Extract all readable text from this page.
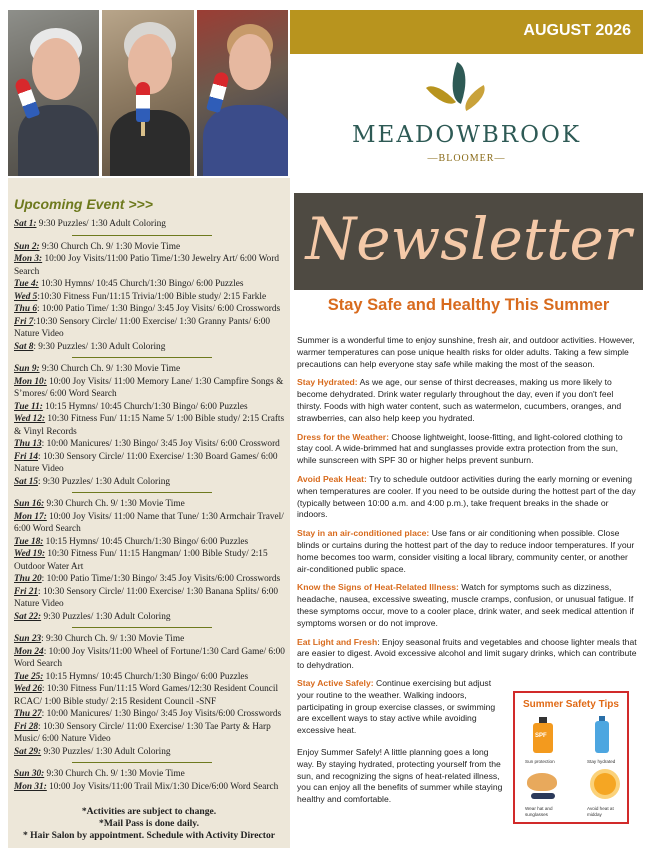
AUGUST 2026
MEADOWBROOK
—BLOOMER—
Upcoming Event >>>
Sat 1: 9:30 Puzzles/ 1:30 Adult Coloring
Sun 2: 9:30 Church Ch. 9/ 1:30 Movie Time
Mon 3: 10:00 Joy Visits/11:00 Patio Time/1:30 Jewelry Art/ 6:00 Word Search
Tue 4: 10:30 Hymns/ 10:45 Church/1:30 Bingo/ 6:00 Puzzles
Wed 5:10:30 Fitness Fun/11:15 Trivia/1:00 Bible study/ 2:15 Farkle
Thu 6: 10:00 Patio Time/ 1:30 Bingo/ 3:45 Joy Visits/ 6:00 Crosswords
Fri 7:10:30 Sensory Circle/ 11:00 Exercise/ 1:30 Granny Pants/ 6:00 Nature Video
Sat 8: 9:30 Puzzles/ 1:30 Adult Coloring
Sun 9: 9:30 Church Ch. 9/ 1:30 Movie Time
Mon 10: 10:00 Joy Visits/ 11:00 Memory Lane/ 1:30 Campfire Songs & S’mores/ 6:00 Word Search
Tue 11: 10:15 Hymns/ 10:45 Church/1:30 Bingo/ 6:00 Puzzles
Wed 12: 10:30 Fitness Fun/ 11:15 Name 5/ 1:00 Bible study/ 2:15 Crafts & Vinyl Records
Thu 13: 10:00 Manicures/ 1:30 Bingo/ 3:45 Joy Visits/ 6:00 Crossword
Fri 14: 10:30 Sensory Circle/ 11:00 Exercise/ 1:30 Board Games/ 6:00 Nature Video
Sat 15: 9:30 Puzzles/ 1:30 Adult Coloring
Sun 16: 9:30 Church Ch. 9/ 1:30 Movie Time
Mon 17: 10:00 Joy Visits/ 11:00 Name that Tune/ 1:30 Armchair Travel/ 6:00 Word Search
Tue 18: 10:15 Hymns/ 10:45 Church/1:30 Bingo/ 6:00 Puzzles
Wed 19: 10:30 Fitness Fun/ 11:15 Hangman/ 1:00 Bible Study/ 2:15 Outdoor Water Art
Thu 20: 10:00 Patio Time/1:30 Bingo/ 3:45 Joy Visits/6:00 Crosswords
Fri 21: 10:30 Sensory Circle/ 11:00 Exercise/ 1:30 Banana Splits/ 6:00 Nature Video
Sat 22: 9:30 Puzzles/ 1:30 Adult Coloring
Sun 23: 9:30 Church Ch. 9/ 1:30 Movie Time
Mon 24: 10:00 Joy Visits/11:00 Wheel of Fortune/1:30 Card Game/ 6:00 Word Search
Tue 25: 10:15 Hymns/ 10:45 Church/1:30 Bingo/ 6:00 Puzzles
Wed 26: 10:30 Fitness Fun/11:15 Word Games/12:30 Resident Council RCAC/ 1:00 Bible study/ 2:15 Resident Council -SNF
Thu 27: 10:00 Manicures/ 1:30 Bingo/ 3:45 Joy Visits/6:00 Crosswords
Fri 28: 10:30 Sensory Circle/ 11:00 Exercise/ 1:30 Tae Party & Harp Music/ 6:00 Nature Video
Sat 29: 9:30 Puzzles/ 1:30 Adult Coloring
Sun 30: 9:30 Church Ch. 9/ 1:30 Movie Time
Mon 31: 10:00 Joy Visits/11:00 Trail Mix/1:30 Dice/6:00 Word Search
*Activities are subject to change.
*Mail Pass is done daily.
* Hair Salon by appointment. Schedule with Activity Director
Newsletter
Stay Safe and Healthy This Summer

Summer is a wonderful time to enjoy sunshine, fresh air, and outdoor activities. However, warmer temperatures can pose unique health risks for older adults. Taking a few simple precautions can help everyone stay safe while making the most of the season.

Stay Hydrated: As we age, our sense of thirst decreases, making us more likely to become dehydrated. Drink water regularly throughout the day, even if you don't feel thirsty. Foods with high water content, such as watermelon, cucumbers, oranges, and strawberries, can also help keep you hydrated.

Dress for the Weather: Choose lightweight, loose-fitting, and light-colored clothing to stay cool. A wide-brimmed hat and sunglasses provide extra protection from the sun, while sunscreen with SPF 30 or higher helps prevent sunburn.

Avoid Peak Heat: Try to schedule outdoor activities during the early morning or evening when temperatures are cooler. If you need to be outside during the hottest part of the day (typically between 10:00 a.m. and 4:00 p.m.), take frequent breaks in the shade or indoors.

Stay in an air-conditioned place: Use fans or air conditioning when possible. Close blinds or curtains during the hottest part of the day to reduce indoor temperatures. If your home becomes too warm, consider visiting a local library, community center, or another air-conditioned public space.

Know the Signs of Heat-Related Illness: Watch for symptoms such as dizziness, headache, nausea, excessive sweating, muscle cramps, confusion, or unusual fatigue. If these symptoms occur, move to a cooler place, drink water, and seek medical attention if symptoms worsen or do not improve.

Eat Light and Fresh: Enjoy seasonal fruits and vegetables and choose lighter meals that are easier to digest. Avoid excessive alcohol and limit sugary drinks, which can contribute to dehydration.

Stay Active Safely: Continue exercising but adjust your routine to the weather. Walking indoors, participating in group exercise classes, or swimming are excellent ways to stay active while avoiding excessive heat.

Enjoy Summer Safely! A little planning goes a long way. By staying hydrated, protecting yourself from the sun, and recognizing the signs of heat-related illness, you can enjoy all the benefits of summer while staying healthy and comfortable.

Summer Safety Tips
SPF
Sun protection	Stay hydrated
Wear hat and sunglasses
Avoid heat at midday
